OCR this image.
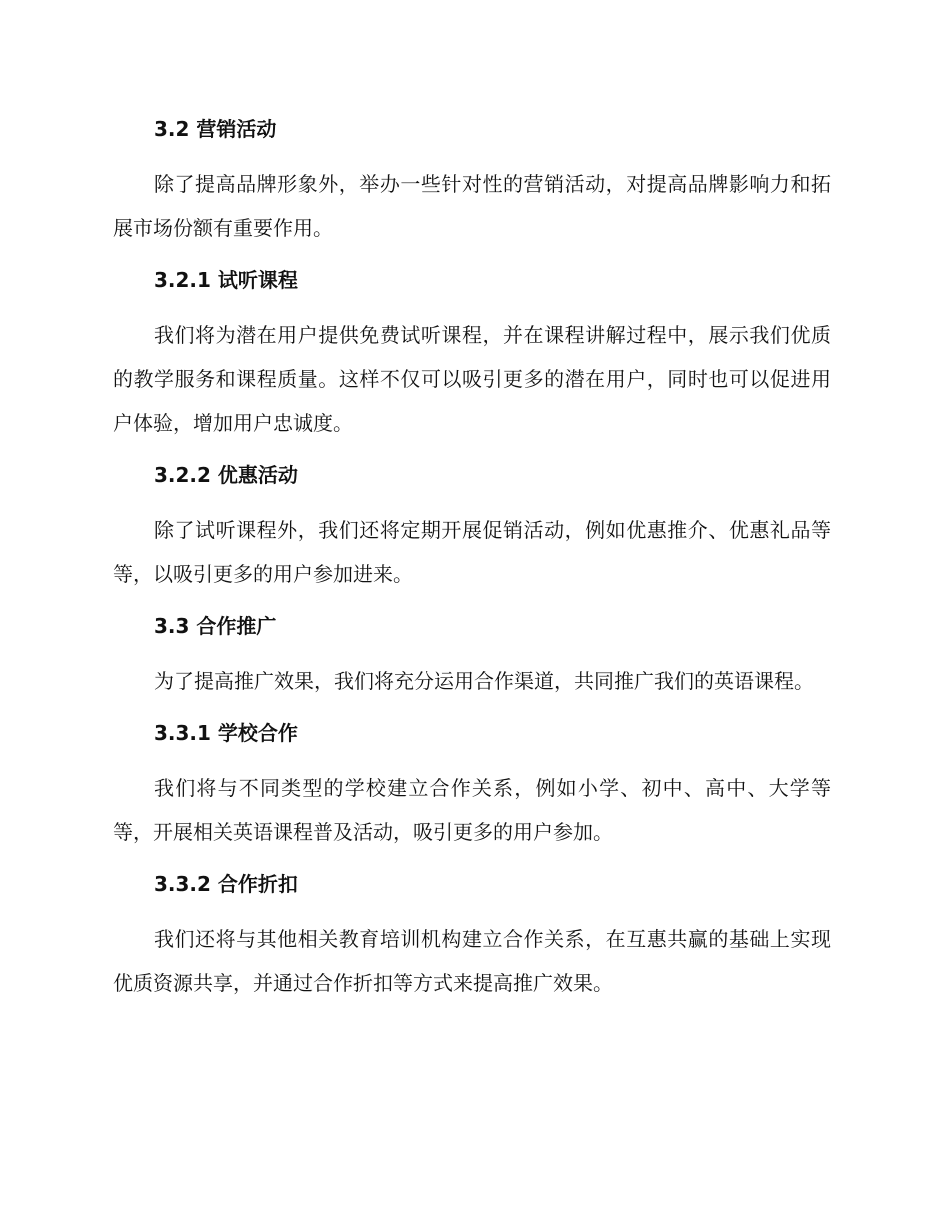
3.2 营销活动

除了提高品牌形象外，举办一些针对性的营销活动，对提高品牌影响力和拓展市场份额有重要作用。

3.2.1 试听课程

我们将为潜在用户提供免费试听课程，并在课程讲解过程中，展示我们优质的教学服务和课程质量。这样不仅可以吸引更多的潜在用户，同时也可以促进用户体验，增加用户忠诚度。

3.2.2 优惠活动

除了试听课程外，我们还将定期开展促销活动，例如优惠推介、优惠礼品等等，以吸引更多的用户参加进来。

3.3 合作推广

为了提高推广效果，我们将充分运用合作渠道，共同推广我们的英语课程。

3.3.1 学校合作

我们将与不同类型的学校建立合作关系，例如小学、初中、高中、大学等等，开展相关英语课程普及活动，吸引更多的用户参加。

3.3.2 合作折扣

我们还将与其他相关教育培训机构建立合作关系，在互惠共赢的基础上实现优质资源共享，并通过合作折扣等方式来提高推广效果。
